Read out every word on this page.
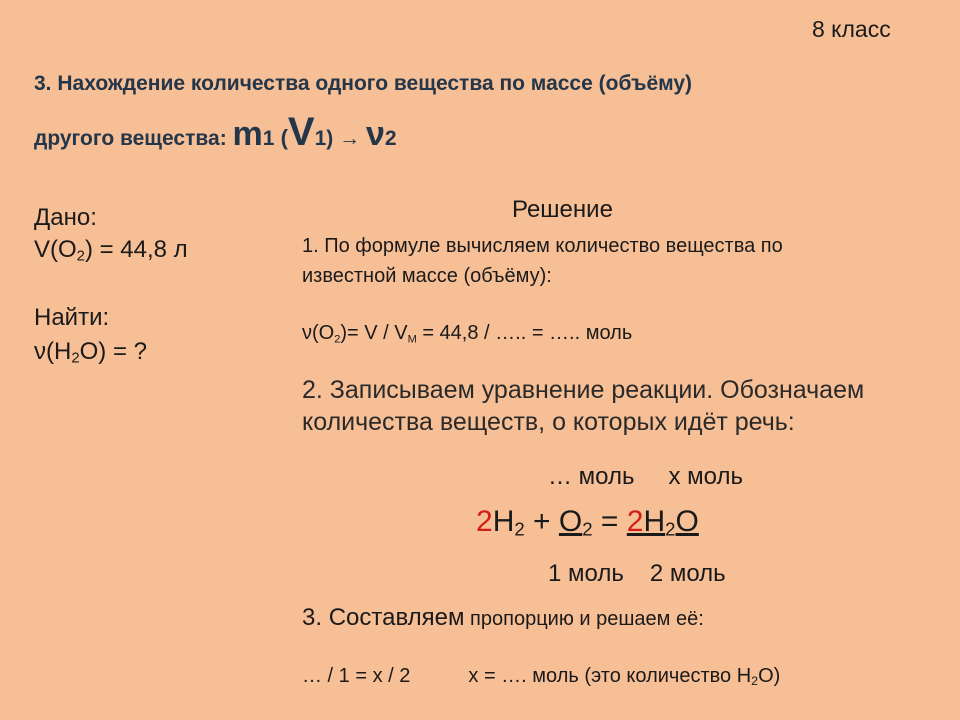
8 класс
3. Нахождение количества одного вещества по массе (объёму)
другого вещества: m1 (V1) → ν2
Дано:
$V(O_2) = 44,8$ л
Найти:
$\nu(H_2O)$ = ?
Решение
1. По формуле вычисляем количество вещества по
известной массе (объёму):
$\nu(O_2)= V / V_M = 44,8$ / ….. = ….. моль
2. Записываем уравнение реакции. Обозначаем
количества веществ, о которых идёт речь:
… моль x моль
$2H_2 + O_2 = 2H_2O$
1 моль 2 моль
3. Составляем пропорцию и решаем её:
… / 1 = x / 2	x = …. моль (это количество $H_2O$)
